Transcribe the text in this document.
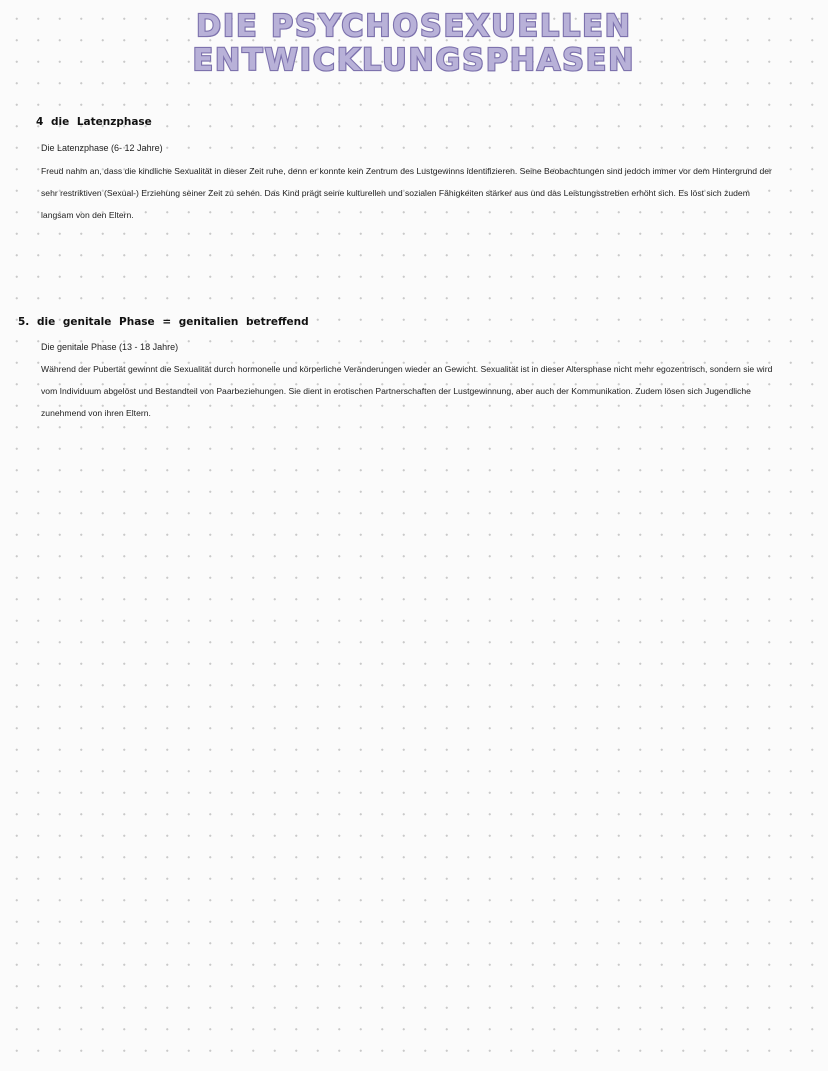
DIE PSYCHOSEXUELLEN
ENTWICKLUNGSPHASEN
4 die Latenzphase

Die Latenzphase (6- 12 Jahre)

Freud nahm an, dass die kindliche Sexualität in dieser Zeit ruhe, denn er konnte kein Zentrum des Lustgewinns identifizieren. Seine Beobachtungen sind jedoch immer vor dem Hintergrund der sehr restriktiven (Sexual-) Erziehung seiner Zeit zu sehen. Das Kind prägt seine kulturellen und sozialen Fähigkeiten stärker aus und das Leistungsstreben erhöht sich. Es löst sich zudem langsam von den Eltern.

5. die genitale Phase = genitalien betreffend

Die genitale Phase (13 - 18 Jahre)

Während der Pubertät gewinnt die Sexualität durch hormonelle und körperliche Veränderungen wieder an Gewicht. Sexualität ist in dieser Altersphase nicht mehr egozentrisch, sondern sie wird vom Individuum abgelöst und Bestandteil von Paarbeziehungen. Sie dient in erotischen Partnerschaften der Lustgewinnung, aber auch der Kommunikation. Zudem lösen sich Jugendliche zunehmend von ihren Eltern.
